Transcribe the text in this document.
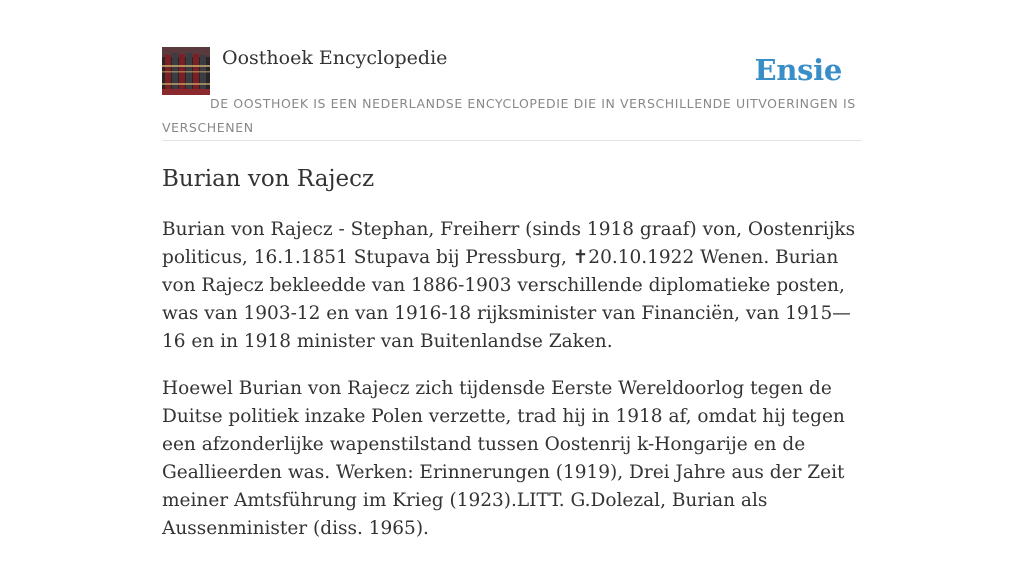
Oosthoek Encyclopedie	Ensie
DE OOSTHOEK IS EEN NEDERLANDSE ENCYCLOPEDIE DIE IN VERSCHILLENDE UITVOERINGEN IS VERSCHENEN
Burian von Rajecz

Burian von Rajecz - Stephan, Freiherr (sinds 1918 graaf) von, Oostenrijks politicus, 16.1.1851 Stupava bij Pressburg, ✝20.10.1922 Wenen. Burian von Rajecz bekleedde van 1886-1903 verschillende diplomatieke posten, was van 1903-12 en van 1916-18 rijksminister van Financiën, van 1915—16 en in 1918 minister van Buitenlandse Zaken.

Hoewel Burian von Rajecz zich tijdensde Eerste Wereldoorlog tegen de Duitse politiek inzake Polen verzette, trad hij in 1918 af, omdat hij tegen een afzonderlijke wapenstilstand tussen Oostenrij k-Hongarije en de Geallieerden was. Werken: Erinnerungen (1919), Drei Jahre aus der Zeit meiner Amtsführung im Krieg (1923).LITT. G.Dolezal, Burian als Aussenminister (diss. 1965).
